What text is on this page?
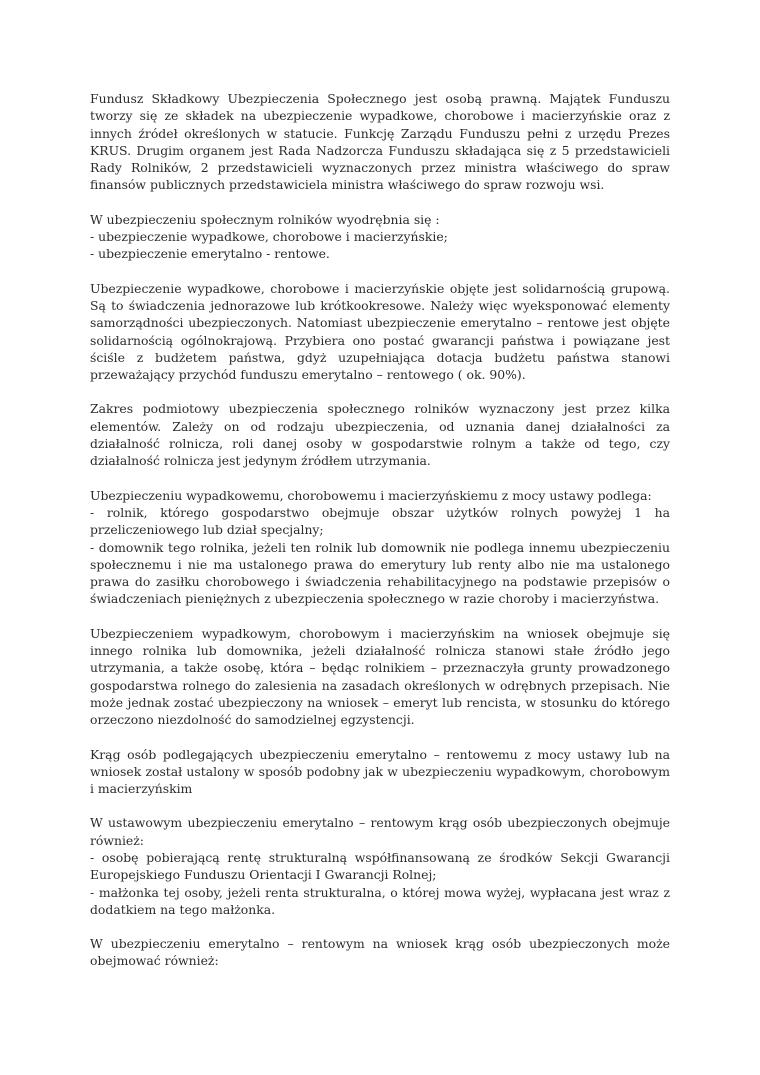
Fundusz Składkowy Ubezpieczenia Społecznego jest osobą prawną. Majątek Funduszu tworzy się ze składek na ubezpieczenie wypadkowe, chorobowe i macierzyńskie oraz z innych źródeł określonych w statucie. Funkcję Zarządu Funduszu pełni z urzędu Prezes KRUS. Drugim organem jest Rada Nadzorcza Funduszu składająca się z 5 przedstawicieli Rady Rolników, 2 przedstawicieli wyznaczonych przez ministra właściwego do spraw finansów publicznych przedstawiciela ministra właściwego do spraw rozwoju wsi.

W ubezpieczeniu społecznym rolników wyodrębnia się :
- ubezpieczenie wypadkowe, chorobowe i macierzyńskie;
- ubezpieczenie emerytalno - rentowe.

Ubezpieczenie wypadkowe, chorobowe i macierzyńskie objęte jest solidarnością grupową. Są to świadczenia jednorazowe lub krótkookresowe. Należy więc wyeksponować elementy samorządności ubezpieczonych. Natomiast ubezpieczenie emerytalno – rentowe jest objęte solidarnością ogólnokrajową. Przybiera ono postać gwarancji państwa i powiązane jest ściśle z budżetem państwa, gdyż uzupełniająca dotacja budżetu państwa stanowi przeważający przychód funduszu emerytalno – rentowego ( ok. 90%).

Zakres podmiotowy ubezpieczenia społecznego rolników wyznaczony jest przez kilka elementów. Zależy on od rodzaju ubezpieczenia, od uznania danej działalności za działalność rolnicza, roli danej osoby w gospodarstwie rolnym a także od tego, czy działalność rolnicza jest jedynym źródłem utrzymania.

Ubezpieczeniu wypadkowemu, chorobowemu i macierzyńskiemu z mocy ustawy podlega:
- rolnik, którego gospodarstwo obejmuje obszar użytków rolnych powyżej 1 ha przeliczeniowego lub dział specjalny;
- domownik tego rolnika, jeżeli ten rolnik lub domownik nie podlega innemu ubezpieczeniu społecznemu i nie ma ustalonego prawa do emerytury lub renty albo nie ma ustalonego prawa do zasiłku chorobowego i świadczenia rehabilitacyjnego na podstawie przepisów o świadczeniach pieniężnych z ubezpieczenia społecznego w razie choroby i macierzyństwa.

Ubezpieczeniem wypadkowym, chorobowym i macierzyńskim na wniosek obejmuje się innego rolnika lub domownika, jeżeli działalność rolnicza stanowi stałe źródło jego utrzymania, a także osobę, która – będąc rolnikiem – przeznaczyła grunty prowadzonego gospodarstwa rolnego do zalesienia na zasadach określonych w odrębnych przepisach. Nie może jednak zostać ubezpieczony na wniosek – emeryt lub rencista, w stosunku do którego orzeczono niezdolność do samodzielnej egzystencji.

Krąg osób podlegających ubezpieczeniu emerytalno – rentowemu z mocy ustawy lub na wniosek został ustalony w sposób podobny jak w ubezpieczeniu wypadkowym, chorobowym i macierzyńskim

W ustawowym ubezpieczeniu emerytalno – rentowym krąg osób ubezpieczonych obejmuje również:
- osobę pobierającą rentę strukturalną współfinansowaną ze środków Sekcji Gwarancji Europejskiego Funduszu Orientacji I Gwarancji Rolnej;
- małżonka tej osoby, jeżeli renta strukturalna, o której mowa wyżej, wypłacana jest wraz z dodatkiem na tego małżonka.

W ubezpieczeniu emerytalno – rentowym na wniosek krąg osób ubezpieczonych może obejmować również:
